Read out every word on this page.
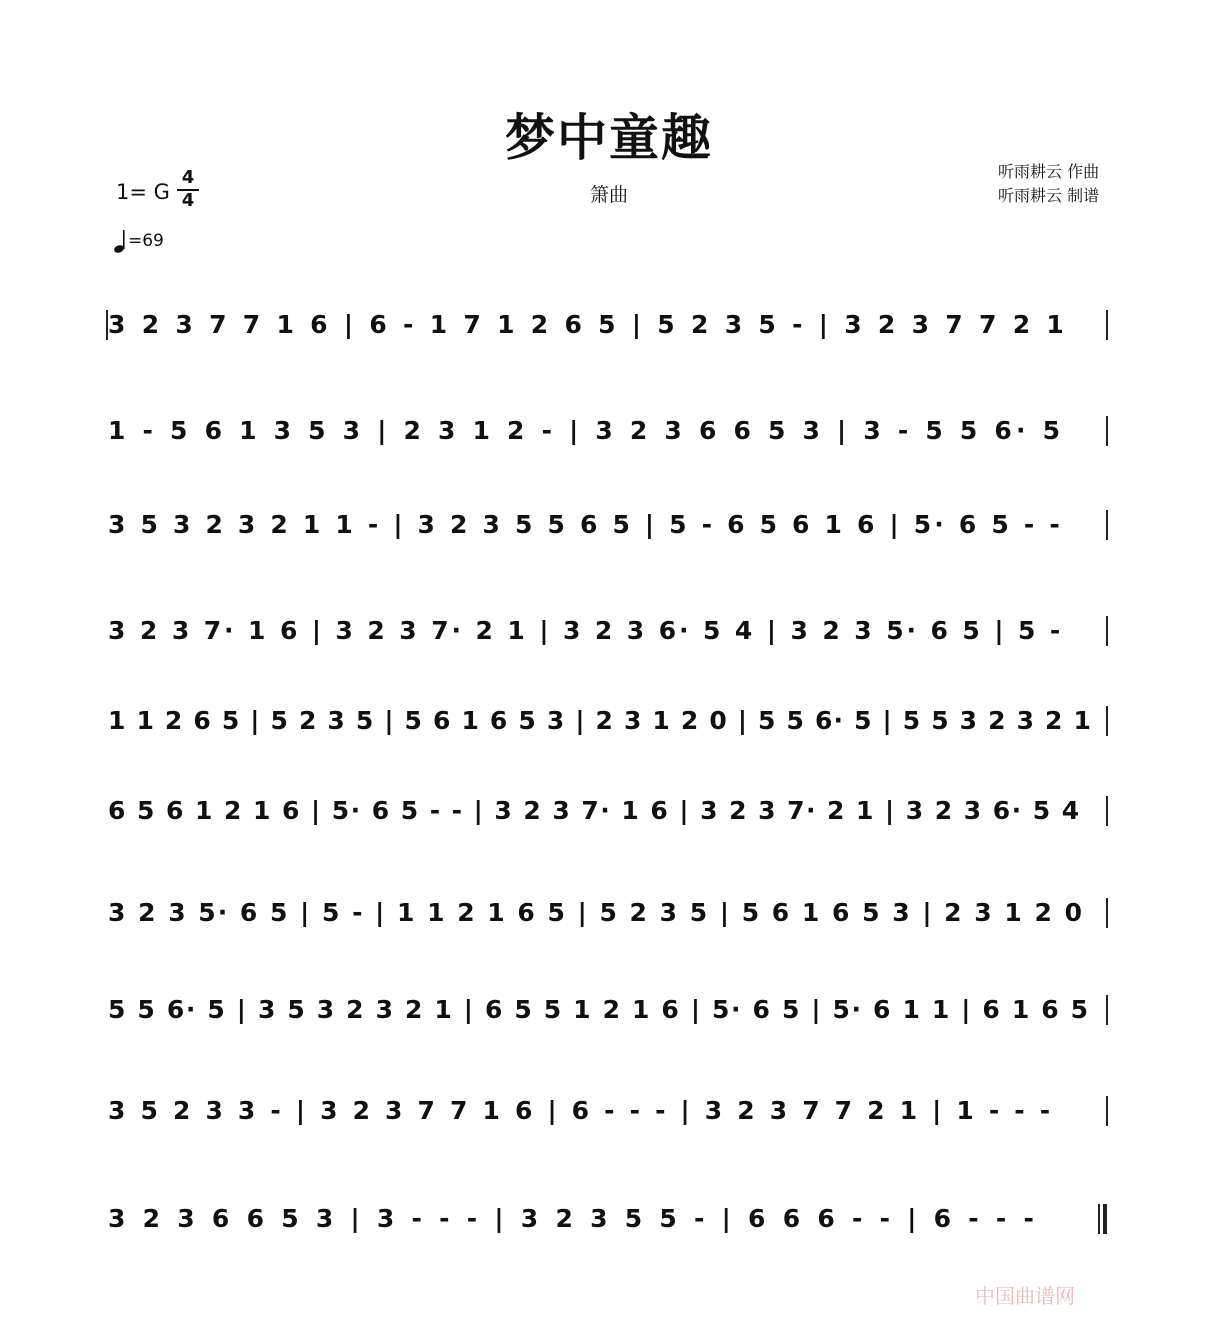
梦中童趣
箫曲
听雨耕云 作曲
听雨耕云 制谱
1= G $\frac{4}{4}$
=69
3 2 3 7 7 1 6 | 6 - 1 7 1 2 6 5 | 5 2 3 5 - | 3 2 3 7 7 2 1
1 - 5 6 1 3 5 3 | 2 3 1 2 - | 3 2 3 6 6 5 3 | 3 - 5 5 6· 5
3 5 3 2 3 2 1 1 - | 3 2 3 5 5 6 5 | 5 - 6 5 6 1 6 | 5· 6 5 - -
3 2 3 7· 1 6 | 3 2 3 7· 2 1 | 3 2 3 6· 5 4 | 3 2 3 5· 6 5 | 5 -
1 1 2 6 5 | 5 2 3 5 | 5 6 1 6 5 3 | 2 3 1 2 0 | 5 5 6· 5 | 5 5 3 2 3 2 1
6 5 6 1 2 1 6 | 5· 6 5 - - | 3 2 3 7· 1 6 | 3 2 3 7· 2 1 | 3 2 3 6· 5 4
3 2 3 5· 6 5 | 5 - | 1 1 2 1 6 5 | 5 2 3 5 | 5 6 1 6 5 3 | 2 3 1 2 0
5 5 6· 5 | 3 5 3 2 3 2 1 | 6 5 5 1 2 1 6 | 5· 6 5 | 5· 6 1 1 | 6 1 6 5
3 5 2 3 3 - | 3 2 3 7 7 1 6 | 6 - - - | 3 2 3 7 7 2 1 | 1 - - -
3 2 3 6 6 5 3 | 3 - - - | 3 2 3 5 5 - | 6 6 6 - - | 6 - - -
中国曲谱网
